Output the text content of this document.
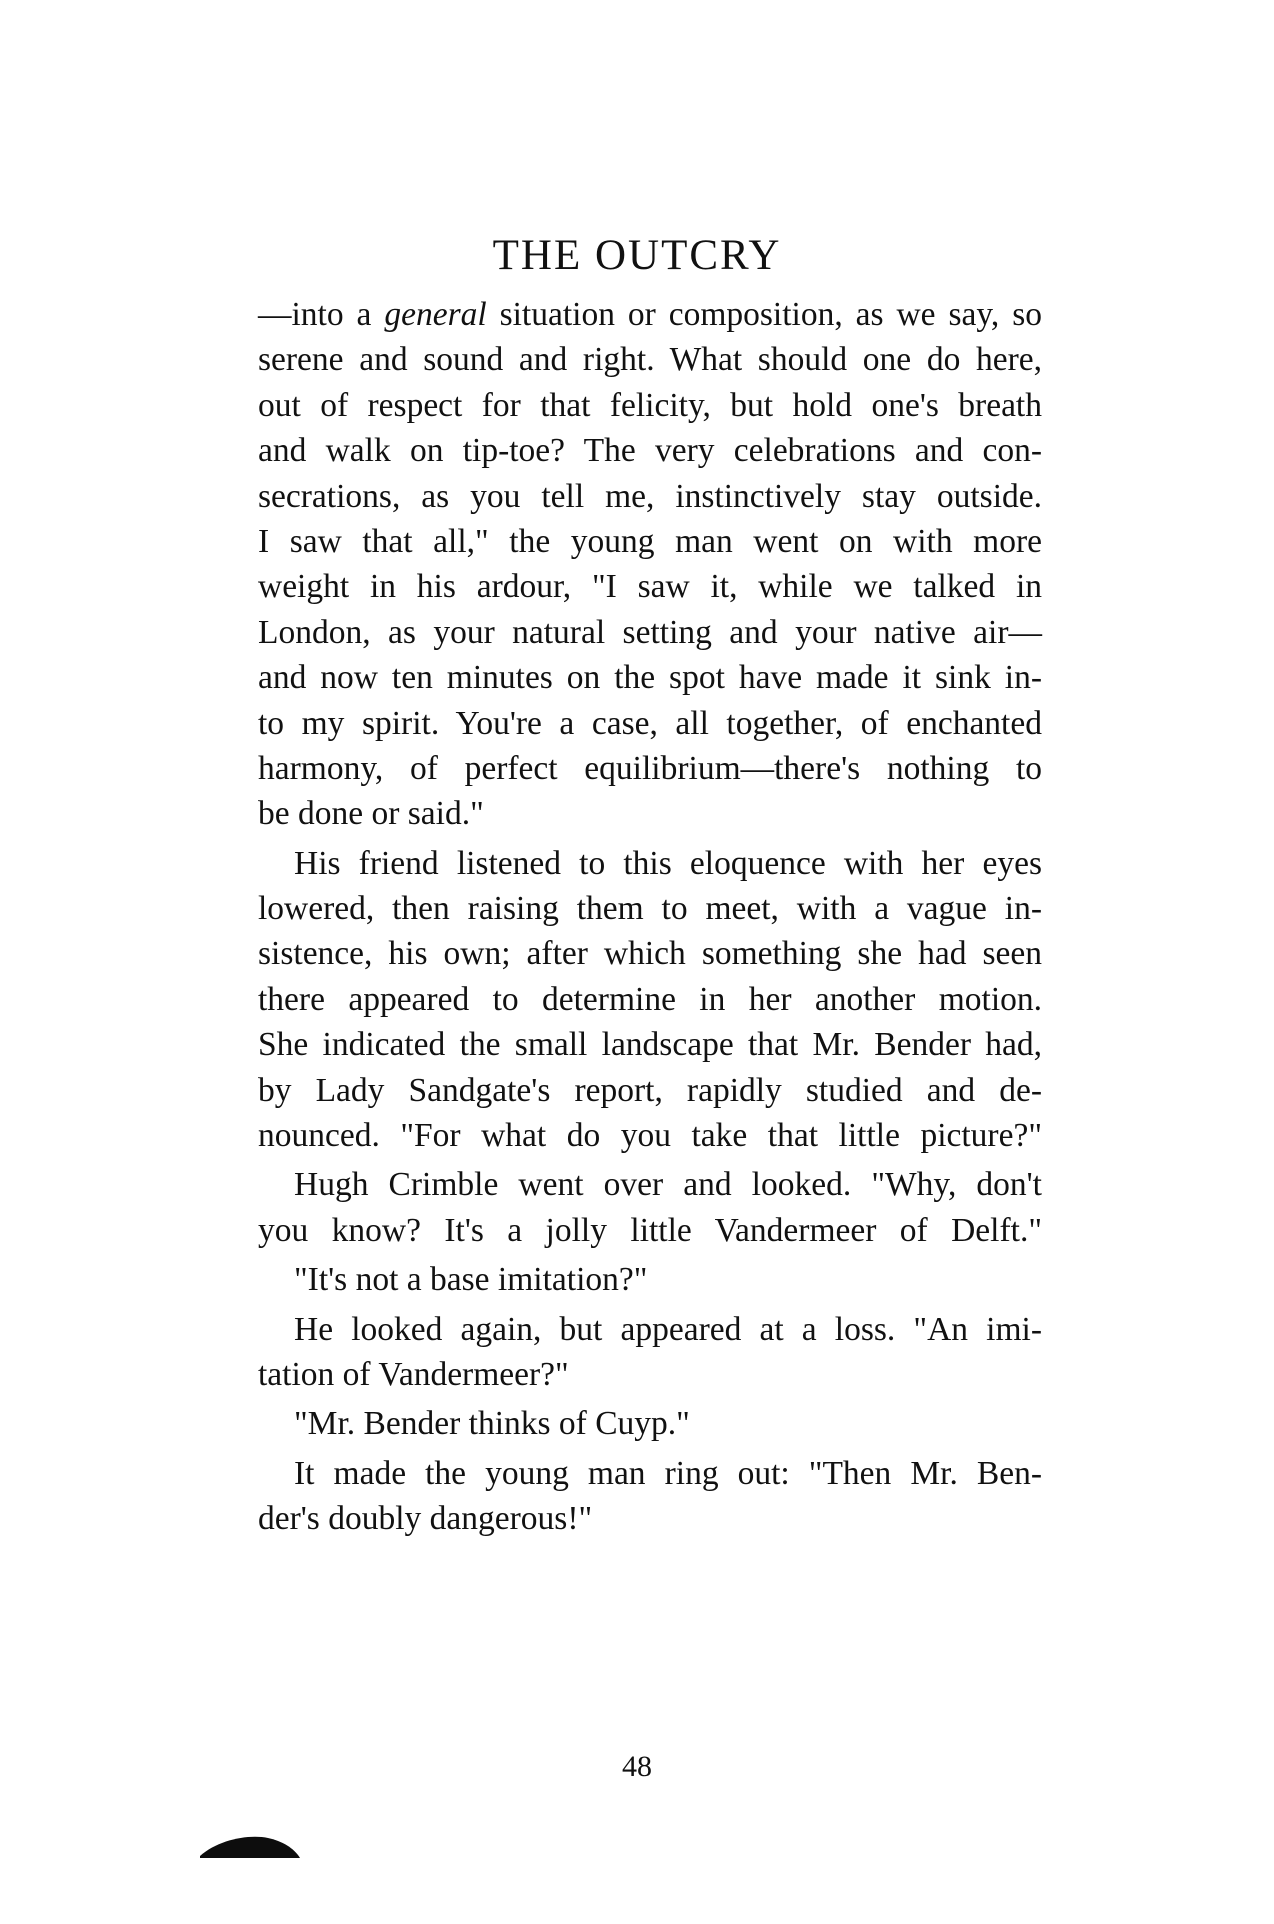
THE OUTCRY
—into a general situation or composition, as we say, so
serene and sound and right. What should one do here,
out of respect for that felicity, but hold one's breath
and walk on tip-toe? The very celebrations and con-
secrations, as you tell me, instinctively stay outside.
I saw that all," the young man went on with more
weight in his ardour, "I saw it, while we talked in
London, as your natural setting and your native air—
and now ten minutes on the spot have made it sink in-
to my spirit. You're a case, all together, of enchanted
harmony, of perfect equilibrium—there's nothing to
be done or said."
His friend listened to this eloquence with her eyes
lowered, then raising them to meet, with a vague in-
sistence, his own; after which something she had seen
there appeared to determine in her another motion.
She indicated the small landscape that Mr. Bender had,
by Lady Sandgate's report, rapidly studied and de-
nounced. "For what do you take that little picture?"
Hugh Crimble went over and looked. "Why, don't
you know? It's a jolly little Vandermeer of Delft."
"It's not a base imitation?"
He looked again, but appeared at a loss. "An imi-
tation of Vandermeer?"
"Mr. Bender thinks of Cuyp."
It made the young man ring out: "Then Mr. Ben-
der's doubly dangerous!"
48
